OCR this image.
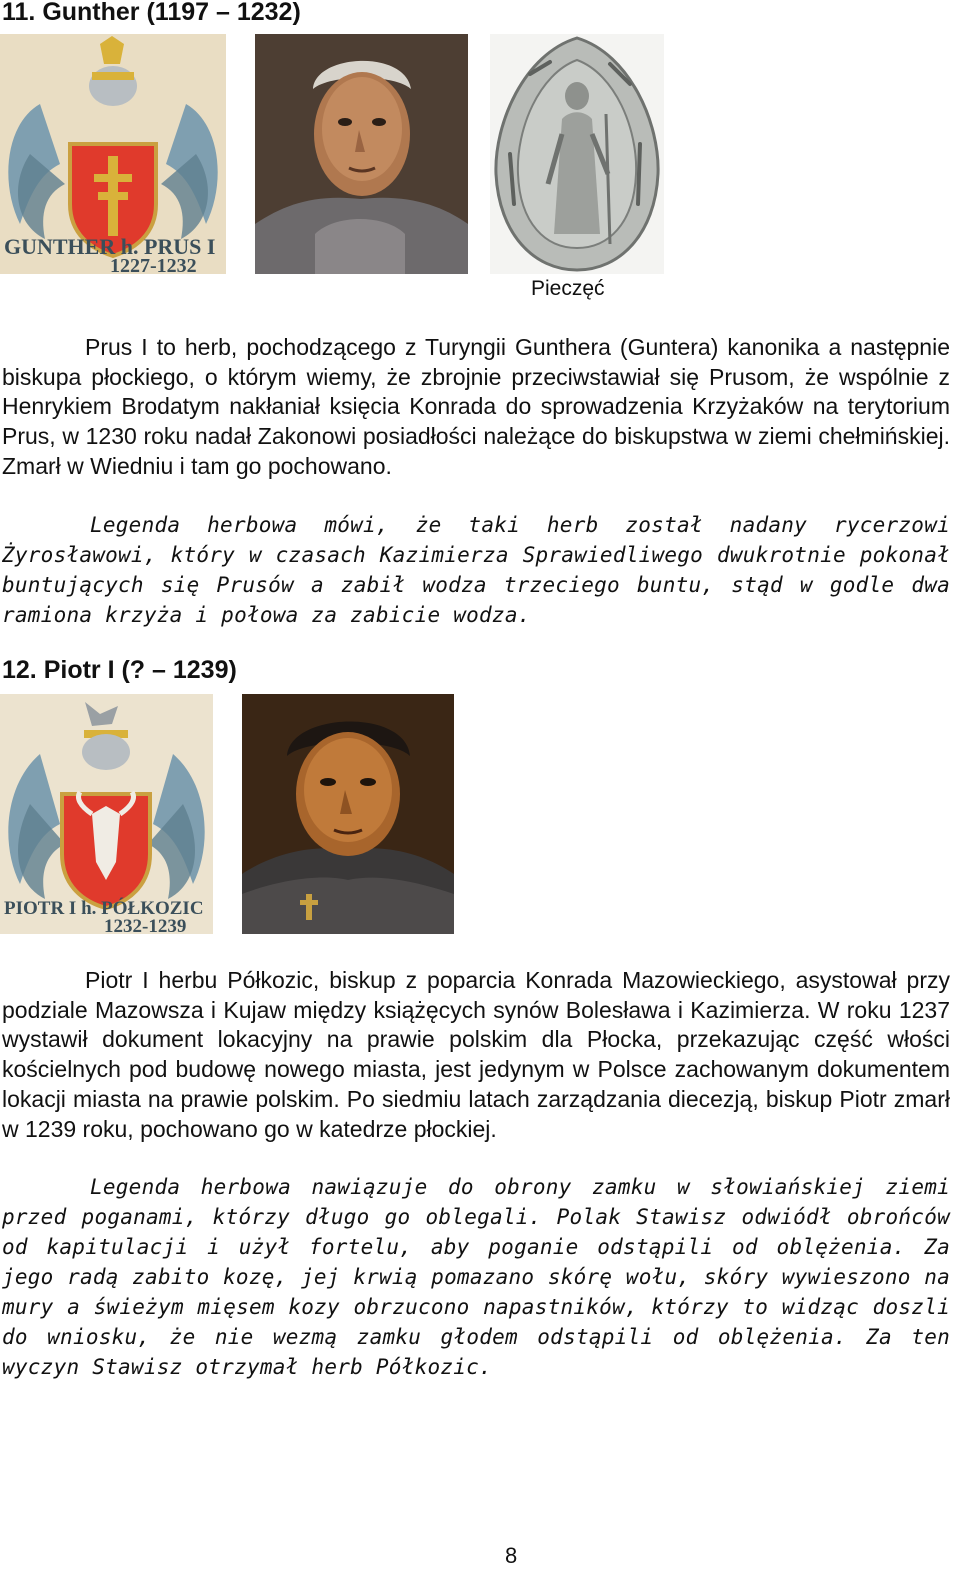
11. Gunther (1197 – 1232)
GUNTHER h. PRUS I
1227-1232
Pieczęć

Prus I to herb, pochodzącego z Turyngii Gunthera (Guntera) kanonika a następnie biskupa płockiego, o którym wiemy, że zbrojnie przeciwstawiał się Prusom, że wspólnie z Henrykiem Brodatym nakłaniał księcia Konrada do sprowadzenia Krzyżaków na terytorium Prus, w 1230 roku nadał Zakonowi posiadłości należące do biskupstwa w ziemi chełmińskiej. Zmarł w Wiedniu i tam go pochowano.

Legenda herbowa mówi, że taki herb został nadany rycerzowi Żyrosławowi, który w czasach Kazimierza Sprawiedliwego dwukrotnie pokonał buntujących się Prusów a zabił wodza trzeciego buntu, stąd w godle dwa ramiona krzyża i połowa za zabicie wodza.

12. Piotr I (? – 1239)
PIOTR I h. PÓŁKOZIC
1232-1239

Piotr I herbu Półkozic, biskup z poparcia Konrada Mazowieckiego, asystował przy podziale Mazowsza i Kujaw między książęcych synów Bolesława i Kazimierza. W roku 1237 wystawił dokument lokacyjny na prawie polskim dla Płocka, przekazując część włości kościelnych pod budowę nowego miasta, jest jedynym w Polsce zachowanym dokumentem lokacji miasta na prawie polskim. Po siedmiu latach zarządzania diecezją, biskup Piotr zmarł w 1239 roku, pochowano go w katedrze płockiej.

Legenda herbowa nawiązuje do obrony zamku w słowiańskiej ziemi przed poganami, którzy długo go oblegali. Polak Stawisz odwiódł obrońców od kapitulacji i użył fortelu, aby poganie odstąpili od oblężenia. Za jego radą zabito kozę, jej krwią pomazano skórę wołu, skóry wywieszono na mury a świeżym mięsem kozy obrzucono napastników, którzy to widząc doszli do wniosku, że nie wezmą zamku głodem odstąpili od oblężenia. Za ten wyczyn Stawisz otrzymał herb Półkozic.

8
